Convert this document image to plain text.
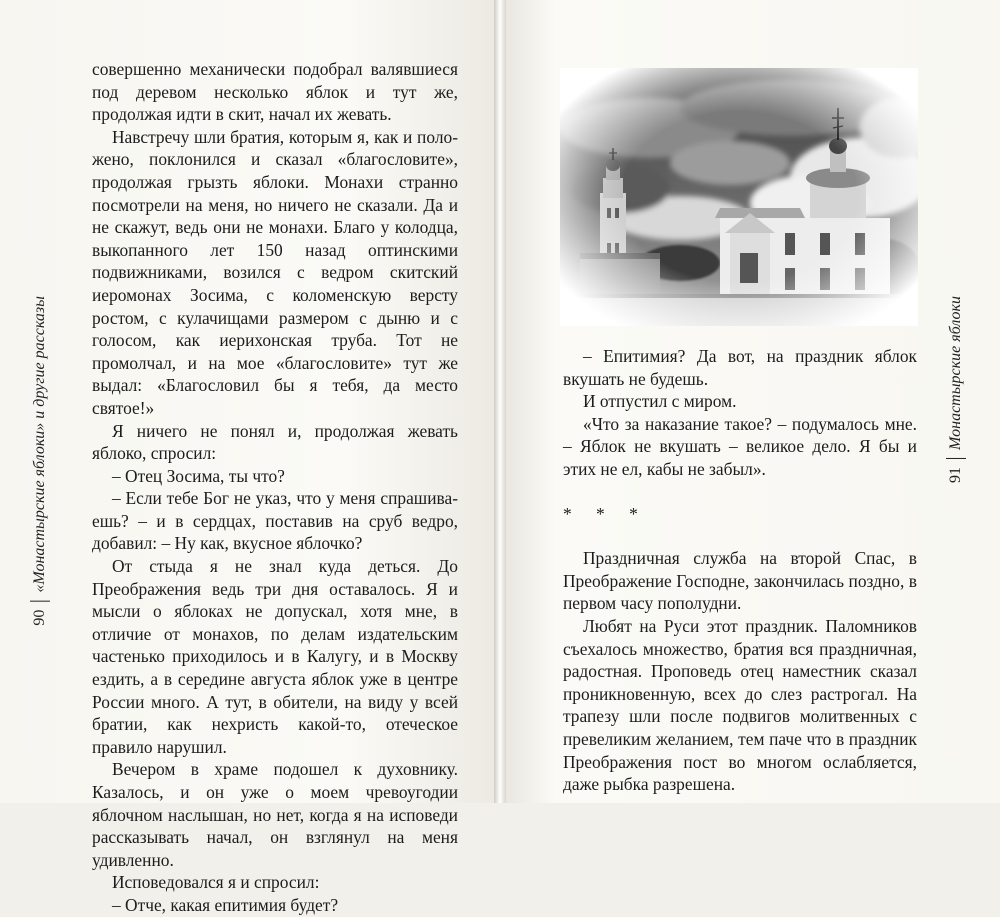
90
«Монастырские яблоки» и другие рассказы	91
Монастырские яблоки

совершенно механически подобрал валявшиеся под деревом несколько яблок и тут же, продолжая идти в скит, начал их жевать.

Навстречу шли братия, которым я, как и положено, поклонился и сказал «благословите», продолжая грызть яблоки. Монахи странно посмотрели на меня, но ничего не сказали. Да и не скажут, ведь они не монахи. Благо у колодца, выкопанного лет 150 назад оптинскими подвижниками, возился с ведром скитский иеромонах Зосима, с коломенскую версту ростом, с кулачищами размером с дыню и с голосом, как иерихонская труба. Тот не промолчал, и на мое «благословите» тут же выдал: «Благословил бы я тебя, да место святое!»

Я ничего не понял и, продолжая жевать яблоко, спросил:

– Отец Зосима, ты что?

– Если тебе Бог не указ, что у меня спрашиваешь? – и в сердцах, поставив на сруб ведро, добавил: – Ну как, вкусное яблочко?

От стыда я не знал куда деться. До Преображения ведь три дня оставалось. Я и мысли о яблоках не допускал, хотя мне, в отличие от монахов, по делам издательским частенько приходилось и в Калугу, и в Москву ездить, а в середине августа яблок уже в центре России много. А тут, в обители, на виду у всей братии, как нехристь какой-то, отеческое правило нарушил.

Вечером в храме подошел к духовнику. Казалось, и он уже о моем чревоугодии яблочном наслышан, но нет, когда я на исповеди рассказывать начал, он взглянул на меня удивленно.

Исповедовался я и спросил:

– Отче, какая епитимия будет?

– Епитимия? Да вот, на праздник яблок вкушать не будешь.

И отпустил с миром.

«Что за наказание такое? – подумалось мне. – Яблок не вкушать – великое дело. Я бы и этих не ел, кабы не забыл».

* * *

Праздничная служба на второй Спас, в Преображение Господне, закончилась поздно, в первом часу пополудни.

Любят на Руси этот праздник. Паломников съехалось множество, братия вся праздничная, радостная. Проповедь отец наместник сказал проникновенную, всех до слез растрогал. На трапезу шли после подвигов молитвенных с превеликим желанием, тем паче что в праздник Преображения пост во многом ослабляется, даже рыбка разрешена.
